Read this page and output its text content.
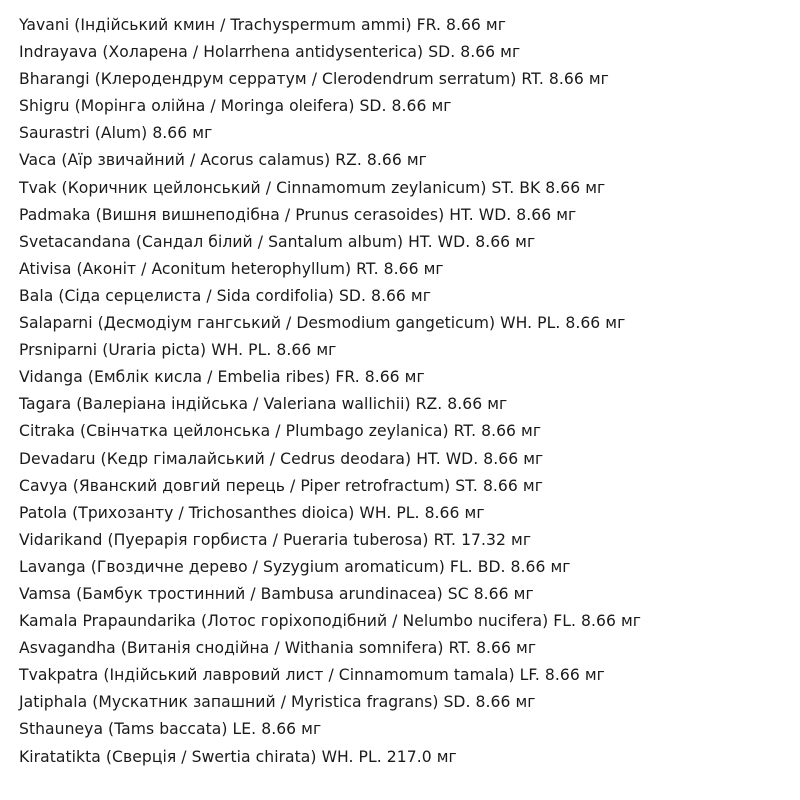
Yavani (Індійський кмин / Trachyspermum ammi) FR. 8.66 мг
Indrayava (Холарена / Holarrhena antidysenterica) SD. 8.66 мг
Bharangi (Клеродендрум серратум / Clerodendrum serratum) RT. 8.66 мг
Shigru (Морінга олійна / Moringa oleifera) SD. 8.66 мг
Saurastri (Alum) 8.66 мг
Vaca (Аїр звичайний / Acorus calamus) RZ. 8.66 мг
Tvak (Коричник цейлонський / Cinnamomum zeylanicum) ST. BK 8.66 мг
Padmaka (Вишня вишнеподібна / Prunus cerasoides) HT. WD. 8.66 мг
Svetacandana (Сандал білий / Santalum album) HT. WD. 8.66 мг
Ativisa (Аконіт / Aconitum heterophyllum) RT. 8.66 мг
Bala (Сіда серцелиста / Sida cordifolia) SD. 8.66 мг
Salaparni (Десмодіум гангський / Desmodium gangeticum) WH. PL. 8.66 мг
Prsniparni (Uraria picta) WH. PL. 8.66 мг
Vidanga (Емблік кисла / Embelia ribes) FR. 8.66 мг
Tagara (Валеріана індійська / Valeriana wallichii) RZ. 8.66 мг
Citraka (Свінчатка цейлонська / Plumbago zeylanica) RT. 8.66 мг
Devadaru (Кедр гімалайський / Cedrus deodara) HT. WD. 8.66 мг
Cavya (Яванский довгий перець / Piper retrofractum) ST. 8.66 мг
Patola (Трихозанту / Trichosanthes dioica) WH. PL. 8.66 мг
Vidarikand (Пуерарія горбиста / Pueraria tuberosa) RT. 17.32 мг
Lavanga (Гвоздичне дерево / Syzygium aromaticum) FL. BD. 8.66 мг
Vamsa (Бамбук тростинний / Bambusa arundinacea) SC 8.66 мг
Kamala Prapaundarika (Лотос горіхоподібний / Nelumbo nucifera) FL. 8.66 мг
Asvagandha (Витанія снодійна / Withania somnifera) RT. 8.66 мг
Tvakpatra (Індійський лавровий лист / Cinnamomum tamala) LF. 8.66 мг
Jatiphala (Мускатник запашний / Myristica fragrans) SD. 8.66 мг
Sthauneya (Tams baccata) LE. 8.66 мг
Kiratatikta (Сверція / Swertia chirata) WH. PL. 217.0 мг
